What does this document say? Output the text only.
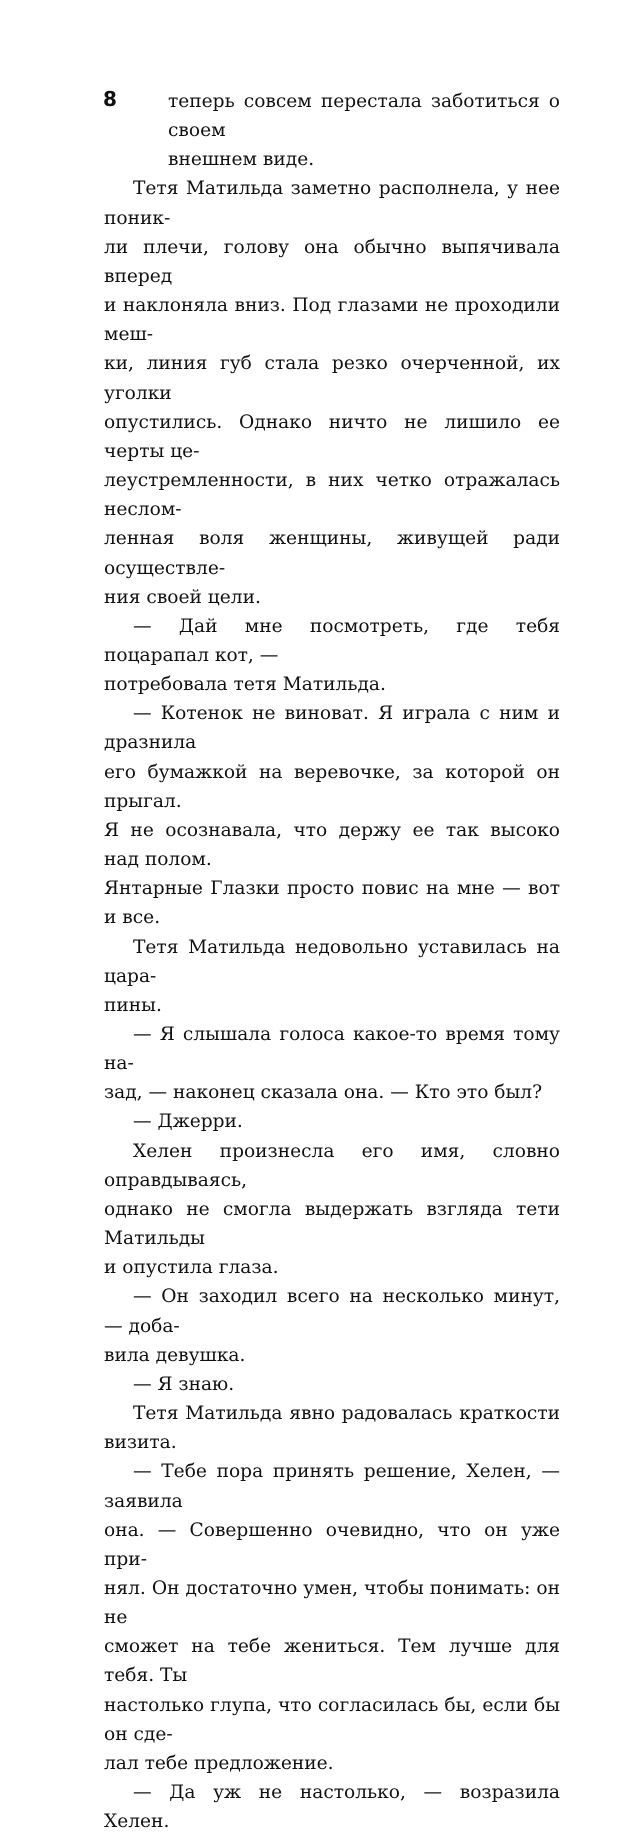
8	теперь совсем перестала заботиться о своем
внешнем виде.

Тетя Матильда заметно располнела, у нее поник-
ли плечи, голову она обычно выпячивала вперед
и наклоняла вниз. Под глазами не проходили меш-
ки, линия губ стала резко очерченной, их уголки
опустились. Однако ничто не лишило ее черты це-
леустремленности, в них четко отражалась неслом-
ленная воля женщины, живущей ради осуществле-
ния своей цели.

— Дай мне посмотреть, где тебя поцарапал кот, —
потребовала тетя Матильда.

— Котенок не виноват. Я играла с ним и дразнила
его бумажкой на веревочке, за которой он прыгал.
Я не осознавала, что держу ее так высоко над полом.
Янтарные Глазки просто повис на мне — вот и все.

Тетя Матильда недовольно уставилась на цара-
пины.

— Я слышала голоса какое-то время тому на-
зад, — наконец сказала она. — Кто это был?

— Джерри.

Хелен произнесла его имя, словно оправдываясь,
однако не смогла выдержать взгляда тети Матильды
и опустила глаза.

— Он заходил всего на несколько минут, — доба-
вила девушка.

— Я знаю.

Тетя Матильда явно радовалась краткости визита.

— Тебе пора принять решение, Хелен, — заявила
она. — Совершенно очевидно, что он уже при-
нял. Он достаточно умен, чтобы понимать: он не
сможет на тебе жениться. Тем лучше для тебя. Ты
настолько глупа, что согласилась бы, если бы он сде-
лал тебе предложение.

— Да уж не настолько, — возразила Хелен.
